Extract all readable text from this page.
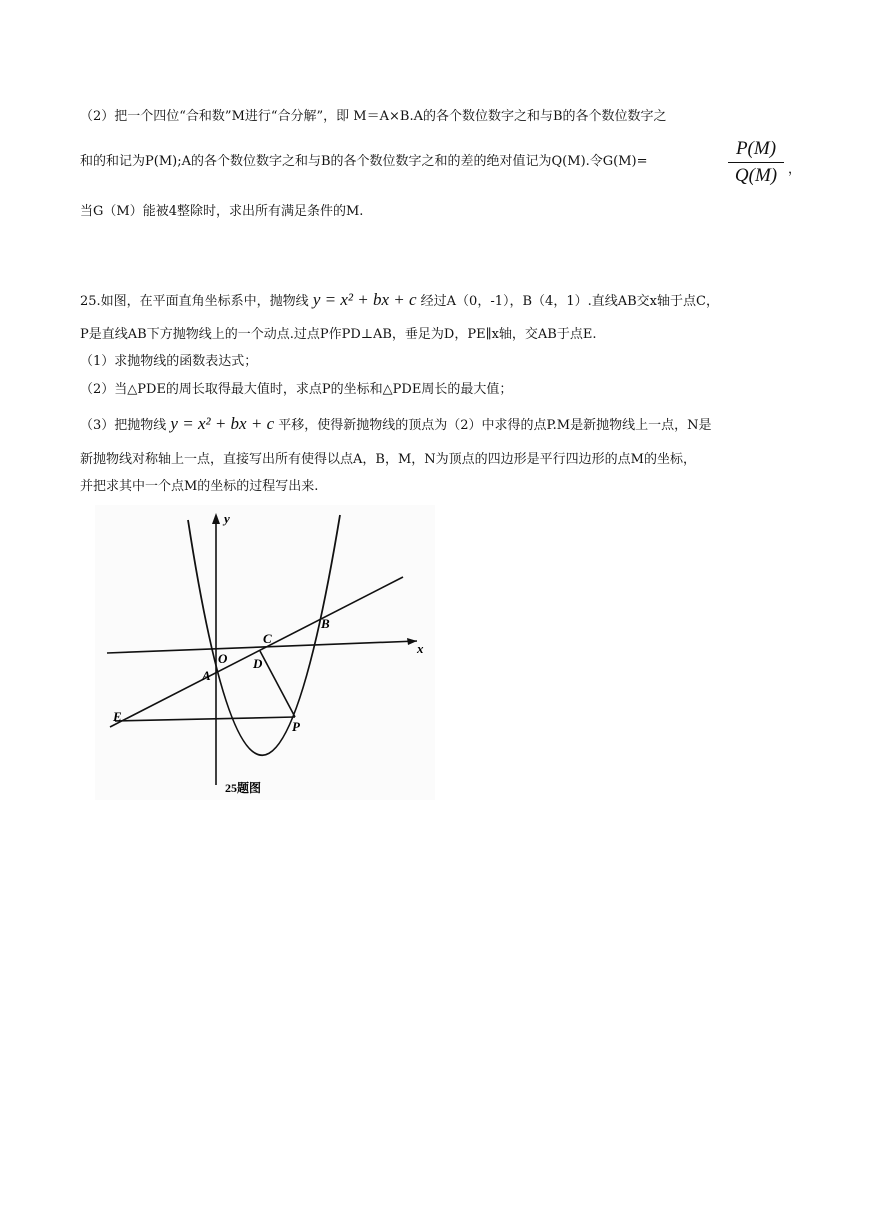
（2）把一个四位“合和数”M进行“合分解”，即 M＝A×B.A的各个数位数字之和与B的各个数位数字之
和的和记为P(M);A的各个数位数字之和与B的各个数位数字之和的差的绝对值记为Q(M).令G(M)=	$\frac{P(M)}{Q(M)}$ ，
当G（M）能被4整除时，求出所有满足条件的M.
25.如图，在平面直角坐标系中，抛物线 y = x² + bx + c 经过A（0，-1），B（4，1）.直线AB交x轴于点C，
P是直线AB下方抛物线上的一个动点.过点P作PD⊥AB，垂足为D，PE∥x轴，交AB于点E.
（1）求抛物线的函数表达式；
（2）当△PDE的周长取得最大值时，求点P的坐标和△PDE周长的最大值；
（3）把抛物线 y = x² + bx + c 平移，使得新抛物线的顶点为（2）中求得的点P.M是新抛物线上一点，N是
新抛物线对称轴上一点，直接写出所有使得以点A，B，M，N为顶点的四边形是平行四边形的点M的坐标，
并把求其中一个点M的坐标的过程写出来.
y
x
O
A
B
C
D
E
P
25题图
